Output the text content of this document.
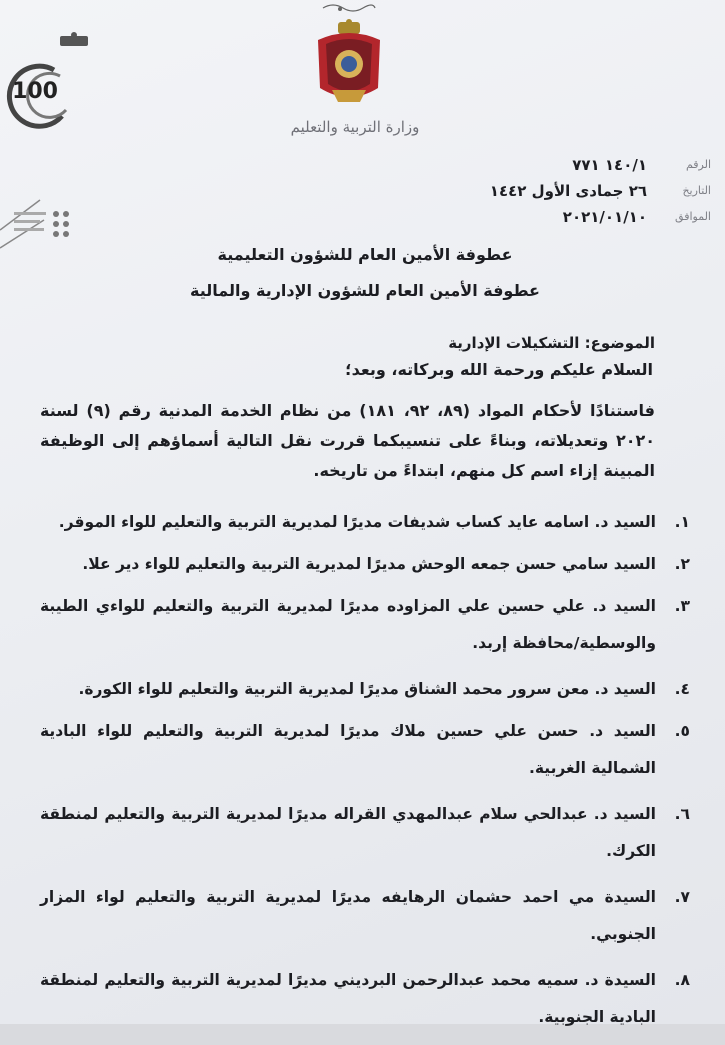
100
وزارة التربية والتعليم
الرقم
التاريخ
الموافق
١٤٠/١ ٧٧١
٢٦ جمادى الأول ١٤٤٢
٢٠٢١/٠١/١٠
عطوفة الأمين العام للشؤون التعليمية
عطوفة الأمين العام للشؤون الإدارية والمالية
الموضوع: التشكيلات الإدارية
السلام عليكم ورحمة الله وبركاته، وبعد؛
فاستنادًا لأحكام المواد (٨٩، ٩٢، ١٨١) من نظام الخدمة المدنية رقم (٩) لسنة ٢٠٢٠ وتعديلاته، وبناءً على تنسيبكما قررت نقل التالية أسماؤهم إلى الوظيفة المبينة إزاء اسم كل منهم، ابتداءً من تاريخه.
١.
السيد د. اسامه عايد كساب شديفات مديرًا لمديرية التربية والتعليم للواء الموقر.
٢.
السيد سامي حسن جمعه الوحش مديرًا لمديرية التربية والتعليم للواء دير علا.
٣.
السيد د. علي حسين علي المزاوده مديرًا لمديرية التربية والتعليم للواءي الطيبة والوسطية/محافظة إربد.
٤.
السيد د. معن سرور محمد الشناق مديرًا لمديرية التربية والتعليم للواء الكورة.
٥.
السيد د. حسن علي حسين ملاك مديرًا لمديرية التربية والتعليم للواء البادية الشمالية الغربية.
٦.
السيد د. عبدالحي سلام عبدالمهدي القراله مديرًا لمديرية التربية والتعليم لمنطقة الكرك.
٧.
السيدة مي احمد حشمان الرهايفه مديرًا لمديرية التربية والتعليم لواء المزار الجنوبي.
٨.
السيدة د. سميه محمد عبدالرحمن البرديني مديرًا لمديرية التربية والتعليم لمنطقة البادية الجنوبية.
